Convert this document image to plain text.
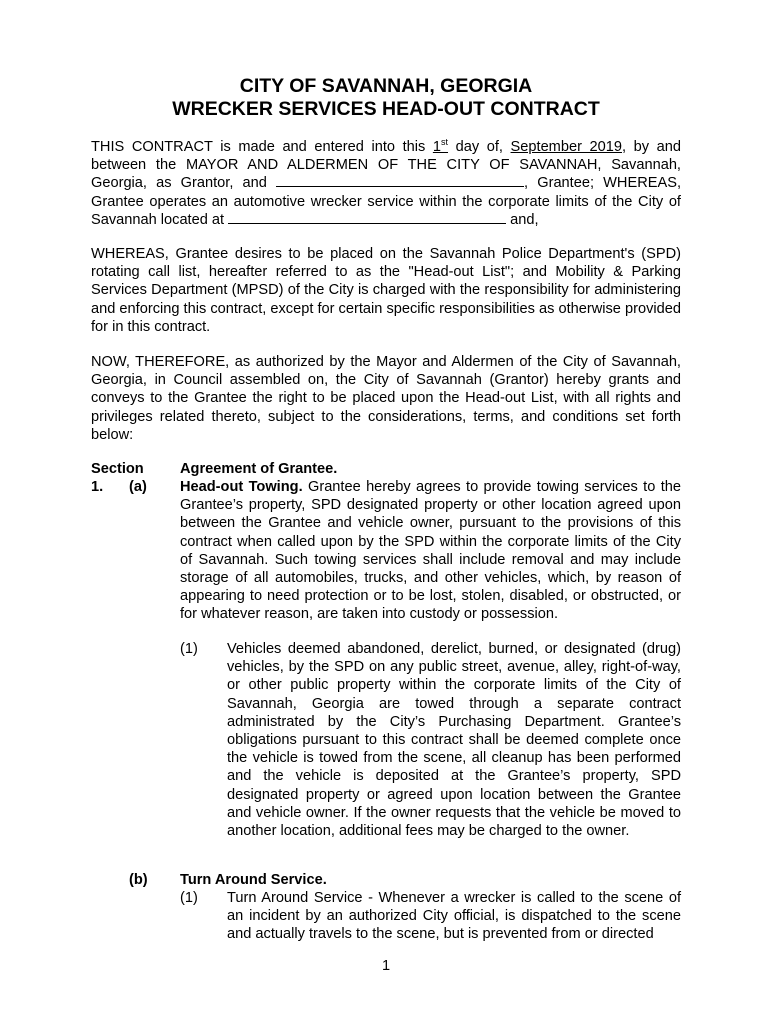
CITY OF SAVANNAH, GEORGIA
WRECKER SERVICES HEAD-OUT CONTRACT

THIS CONTRACT is made and entered into this 1st day of, September 2019, by and between the MAYOR AND ALDERMEN OF THE CITY OF SAVANNAH, Savannah, Georgia, as Grantor, and	, Grantee; WHEREAS, Grantee operates an automotive wrecker service within the corporate limits of the City of Savannah located at	and,

WHEREAS, Grantee desires to be placed on the Savannah Police Department's (SPD) rotating call list, hereafter referred to as the "Head-out List"; and Mobility & Parking Services Department (MPSD) of the City is charged with the responsibility for administering and enforcing this contract, except for certain specific responsibilities as otherwise provided for in this contract.

NOW, THEREFORE, as authorized by the Mayor and Aldermen of the City of Savannah, Georgia, in Council assembled on, the City of Savannah (Grantor) hereby grants and conveys to the Grantee the right to be placed upon the Head-out List, with all rights and privileges related thereto, subject to the considerations, terms, and conditions set forth below:

Section 1.
Agreement of Grantee.
(a) Head-out Towing. Grantee hereby agrees to provide towing services to the Grantee’s property, SPD designated property or other location agreed upon between the Grantee and vehicle owner, pursuant to the provisions of this contract when called upon by the SPD within the corporate limits of the City of Savannah. Such towing services shall include removal and may include storage of all automobiles, trucks, and other vehicles, which, by reason of appearing to need protection or to be lost, stolen, disabled, or obstructed, or for whatever reason, are taken into custody or possession.
(1) Vehicles deemed abandoned, derelict, burned, or designated (drug) vehicles, by the SPD on any public street, avenue, alley, right-of-way, or other public property within the corporate limits of the City of Savannah, Georgia are towed through a separate contract administrated by the City’s Purchasing Department. Grantee’s obligations pursuant to this contract shall be deemed complete once the vehicle is towed from the scene, all cleanup has been performed and the vehicle is deposited at the Grantee’s property, SPD designated property or agreed upon location between the Grantee and vehicle owner. If the owner requests that the vehicle be moved to another location, additional fees may be charged to the owner.
(b) Turn Around Service.
(1) Turn Around Service - Whenever a wrecker is called to the scene of an incident by an authorized City official, is dispatched to the scene and actually travels to the scene, but is prevented from or directed
1
